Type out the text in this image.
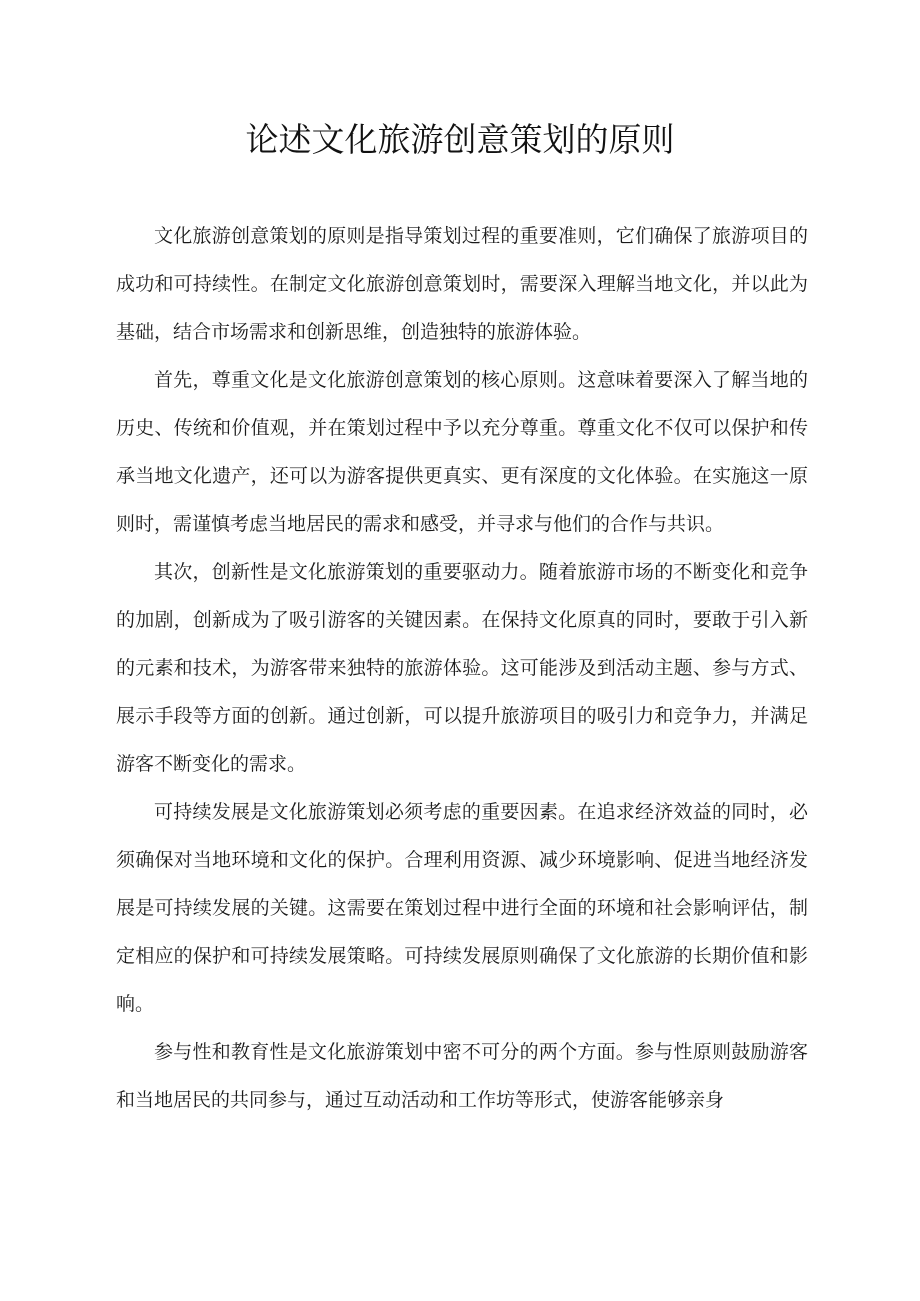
论述文化旅游创意策划的原则

文化旅游创意策划的原则是指导策划过程的重要准则，它们确保了旅游项目的成功和可持续性。在制定文化旅游创意策划时，需要深入理解当地文化，并以此为基础，结合市场需求和创新思维，创造独特的旅游体验。

首先，尊重文化是文化旅游创意策划的核心原则。这意味着要深入了解当地的历史、传统和价值观，并在策划过程中予以充分尊重。尊重文化不仅可以保护和传承当地文化遗产，还可以为游客提供更真实、更有深度的文化体验。在实施这一原则时，需谨慎考虑当地居民的需求和感受，并寻求与他们的合作与共识。

其次，创新性是文化旅游策划的重要驱动力。随着旅游市场的不断变化和竞争的加剧，创新成为了吸引游客的关键因素。在保持文化原真的同时，要敢于引入新的元素和技术，为游客带来独特的旅游体验。这可能涉及到活动主题、参与方式、展示手段等方面的创新。通过创新，可以提升旅游项目的吸引力和竞争力，并满足游客不断变化的需求。

可持续发展是文化旅游策划必须考虑的重要因素。在追求经济效益的同时，必须确保对当地环境和文化的保护。合理利用资源、减少环境影响、促进当地经济发展是可持续发展的关键。这需要在策划过程中进行全面的环境和社会影响评估，制定相应的保护和可持续发展策略。可持续发展原则确保了文化旅游的长期价值和影响。

参与性和教育性是文化旅游策划中密不可分的两个方面。参与性原则鼓励游客和当地居民的共同参与，通过互动活动和工作坊等形式，使游客能够亲身
